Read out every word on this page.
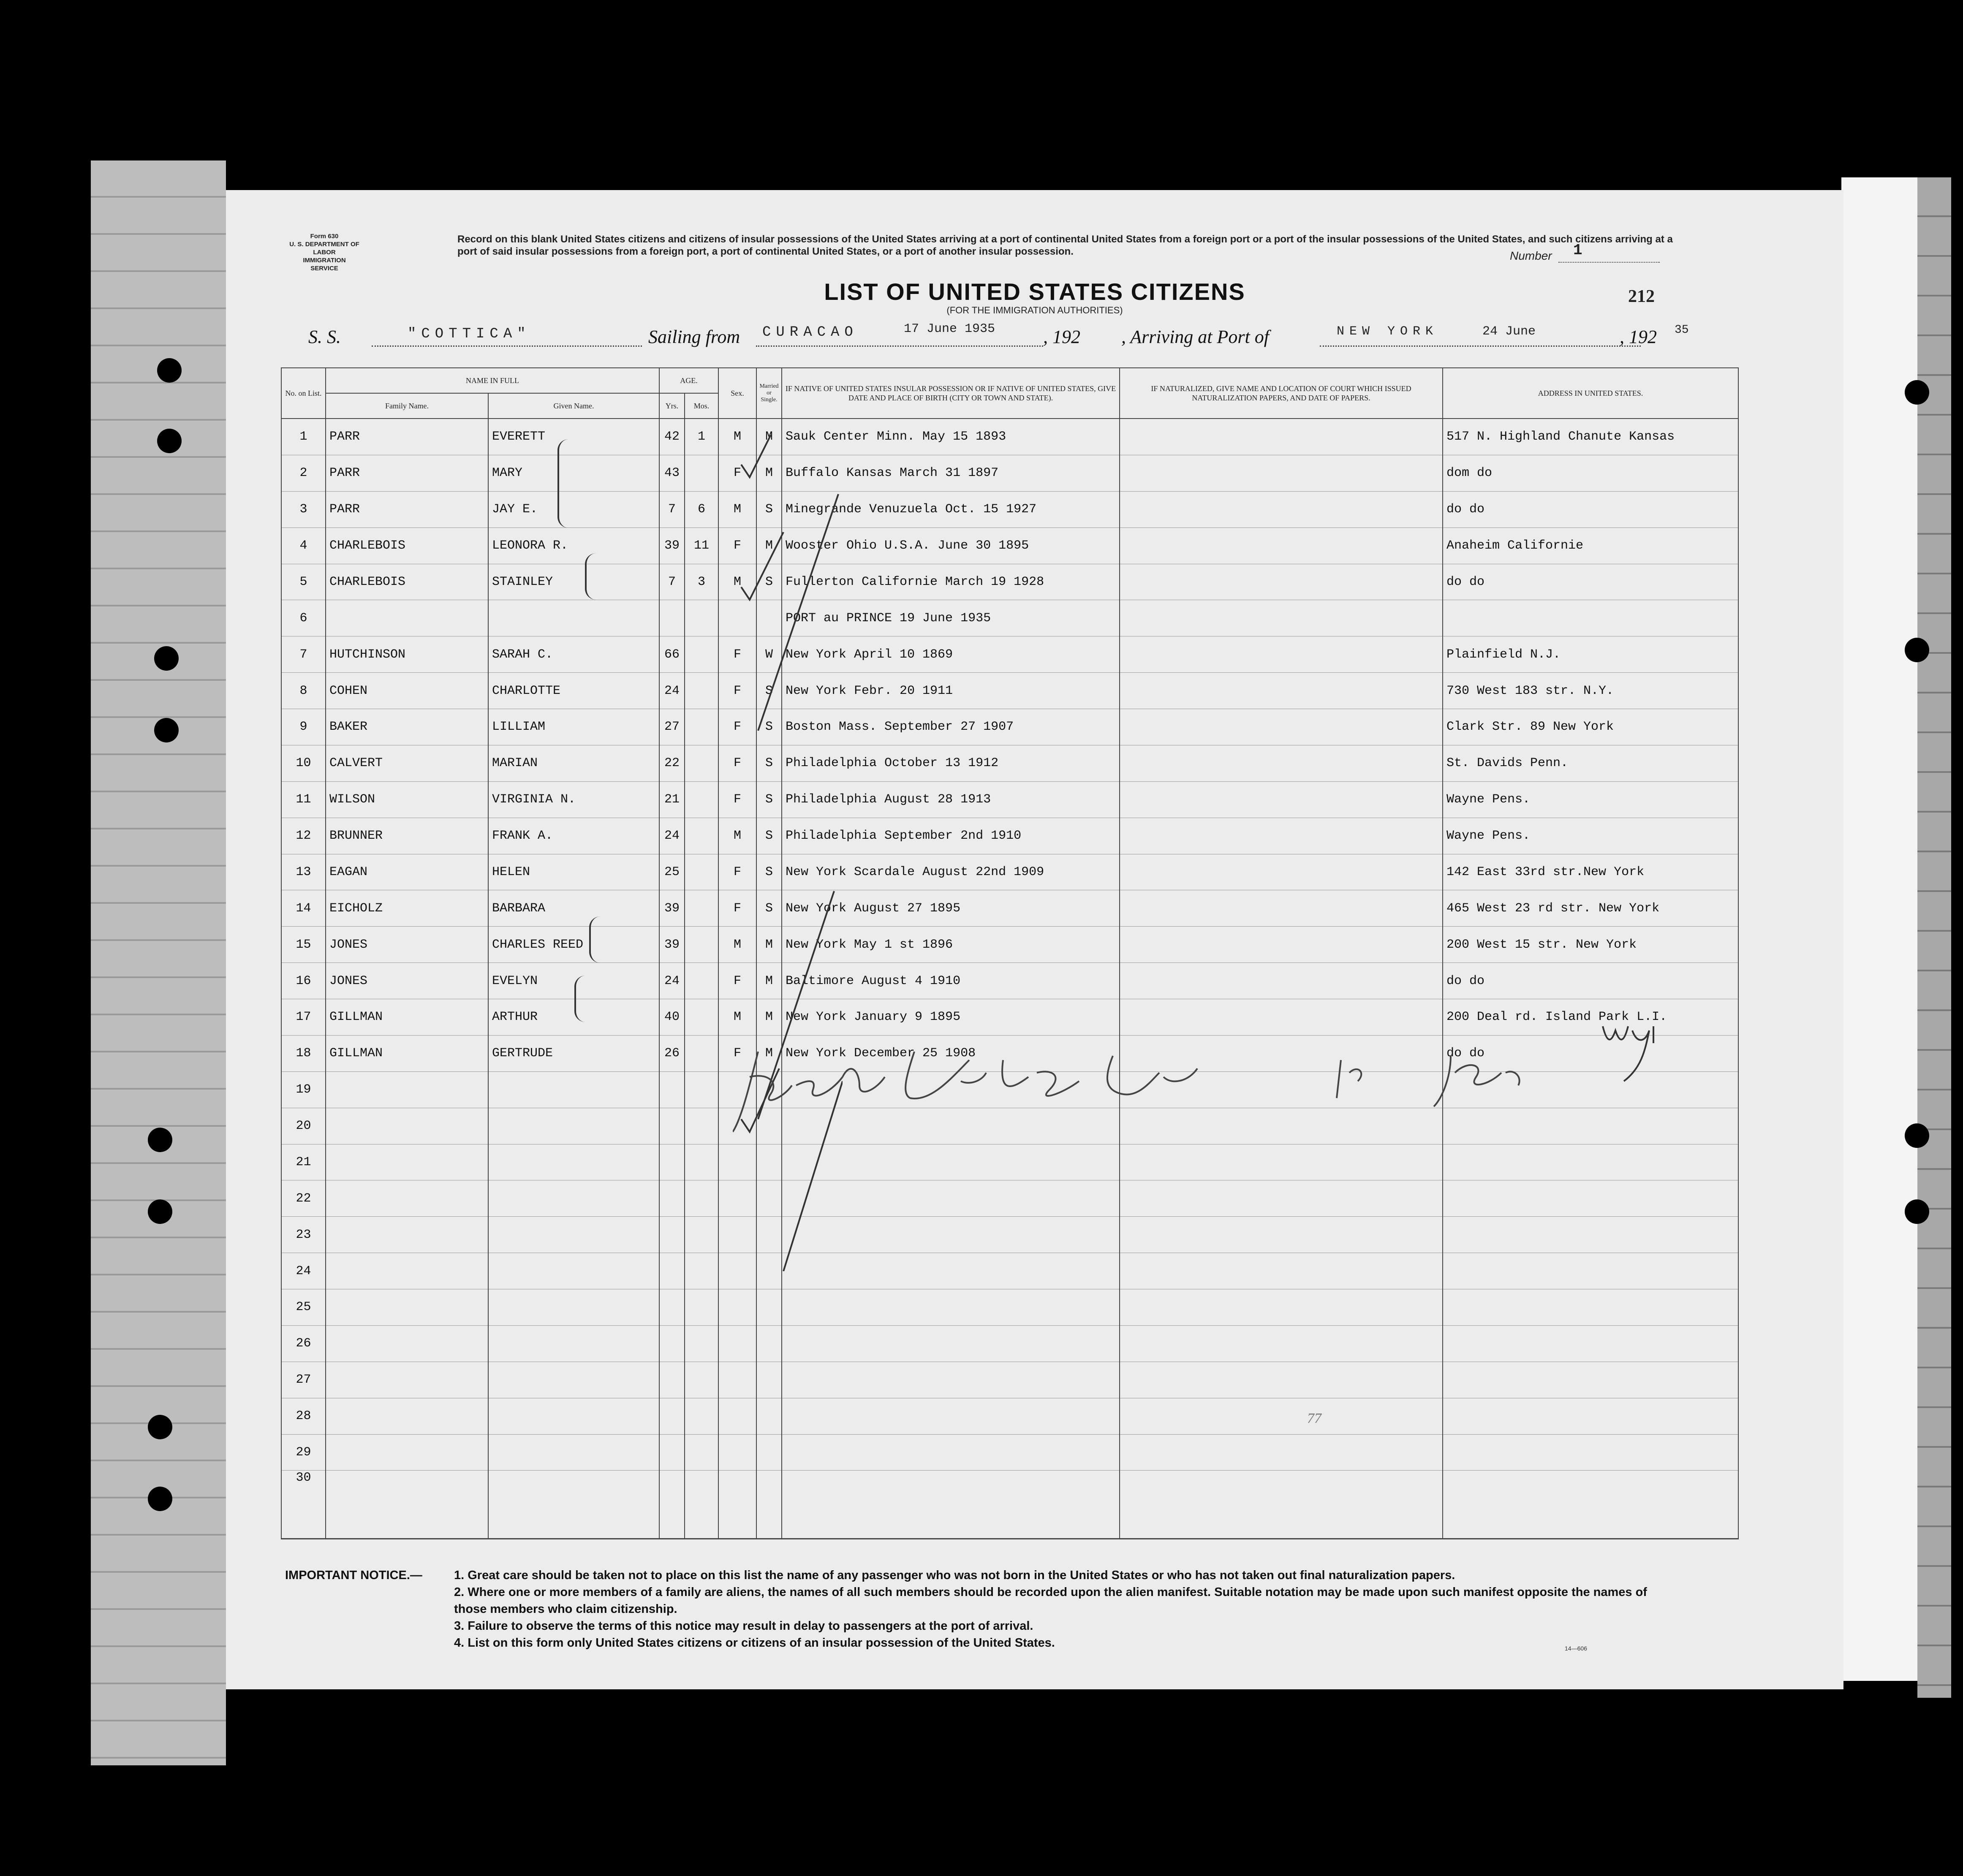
Form 630
U. S. DEPARTMENT OF LABOR
IMMIGRATION SERVICE
Record on this blank United States citizens and citizens of insular possessions of the United States arriving at a port of continental United States from a foreign port or a port of the insular possessions of the United States, and such citizens arriving at a port of said insular possessions from a foreign port, a port of continental United States, or a port of another insular possession.	Number 1
LIST OF UNITED STATES CITIZENS
(FOR THE IMMIGRATION AUTHORITIES)
212
S. S.	"COTTICA"	Sailing from CURACAO	17 June 1935	, 192 , Arriving at Port of	NEW YORK	24 June	, 192 35
No. on List.	NAME IN FULL		AGE.		Sex.	Married or Single.	IF NATIVE OF UNITED STATES INSULAR POSSESSION OR IF NATIVE OF UNITED STATES, GIVE DATE AND PLACE OF BIRTH (CITY OR TOWN AND STATE).	IF NATURALIZED, GIVE NAME AND LOCATION OF COURT WHICH ISSUED NATURALIZATION PAPERS, AND DATE OF PAPERS.	ADDRESS IN UNITED STATES.
	Family Name.	Given Name.	Yrs.	Mos.					
1	PARR	EVERETT	42	1	M	M	Sauk Center Minn. May 15 1893		517 N. Highland Chanute Kansas
2	PARR	MARY	43		F	M	Buffalo Kansas March 31 1897		dom do
3	PARR	JAY E.	7	6	M	S	Minegrande Venuzuela Oct. 15 1927		do do
4	CHARLEBOIS	LEONORA R.	39	11	F	M	Wooster Ohio U.S.A. June 30 1895		Anaheim Californie
5	CHARLEBOIS	STAINLEY	7	3	M	S	Fullerton Californie March 19 1928		do do
6							PORT au PRINCE 19 June 1935		
7	HUTCHINSON	SARAH C.	66		F	W	New York April 10 1869		Plainfield N.J.
8	COHEN	CHARLOTTE	24		F	S	New York Febr. 20 1911		730 West 183 str. N.Y.
9	BAKER	LILLIAM	27		F	S	Boston Mass. September 27 1907		Clark Str. 89 New York
10	CALVERT	MARIAN	22		F	S	Philadelphia October 13 1912		St. Davids Penn.
11	WILSON	VIRGINIA N.	21		F	S	Philadelphia August 28 1913		Wayne Pens.
12	BRUNNER	FRANK A.	24		M	S	Philadelphia September 2nd 1910		Wayne Pens.
13	EAGAN	HELEN	25		F	S	New York Scardale August 22nd 1909		142 East 33rd str.New York
14	EICHOLZ	BARBARA	39		F	S	New York August 27 1895		465 West 23 rd str. New York
15	JONES	CHARLES REED	39		M	M	New York May 1 st 1896		200 West 15 str. New York
16	JONES	EVELYN	24		F	M	Baltimore August 4 1910		do do
17	GILLMAN	ARTHUR	40		M	M	New York January 9 1895		200 Deal rd. Island Park L.I.
18	GILLMAN	GERTRUDE	26		F	M	New York December 25 1908		do do
19									
20									
21									
22									
23									
24									
25									
26									
27									
28									
29									
30									
77
IMPORTANT NOTICE.—	1. Great care should be taken not to place on this list the name of any passenger who was not born in the United States or who has not taken out final naturalization papers.
2. Where one or more members of a family are aliens, the names of all such members should be recorded upon the alien manifest. Suitable notation may be made upon such manifest opposite the names of those members who claim citizenship.
3. Failure to observe the terms of this notice may result in delay to passengers at the port of arrival.
4. List on this form only United States citizens or citizens of an insular possession of the United States.	14—606
